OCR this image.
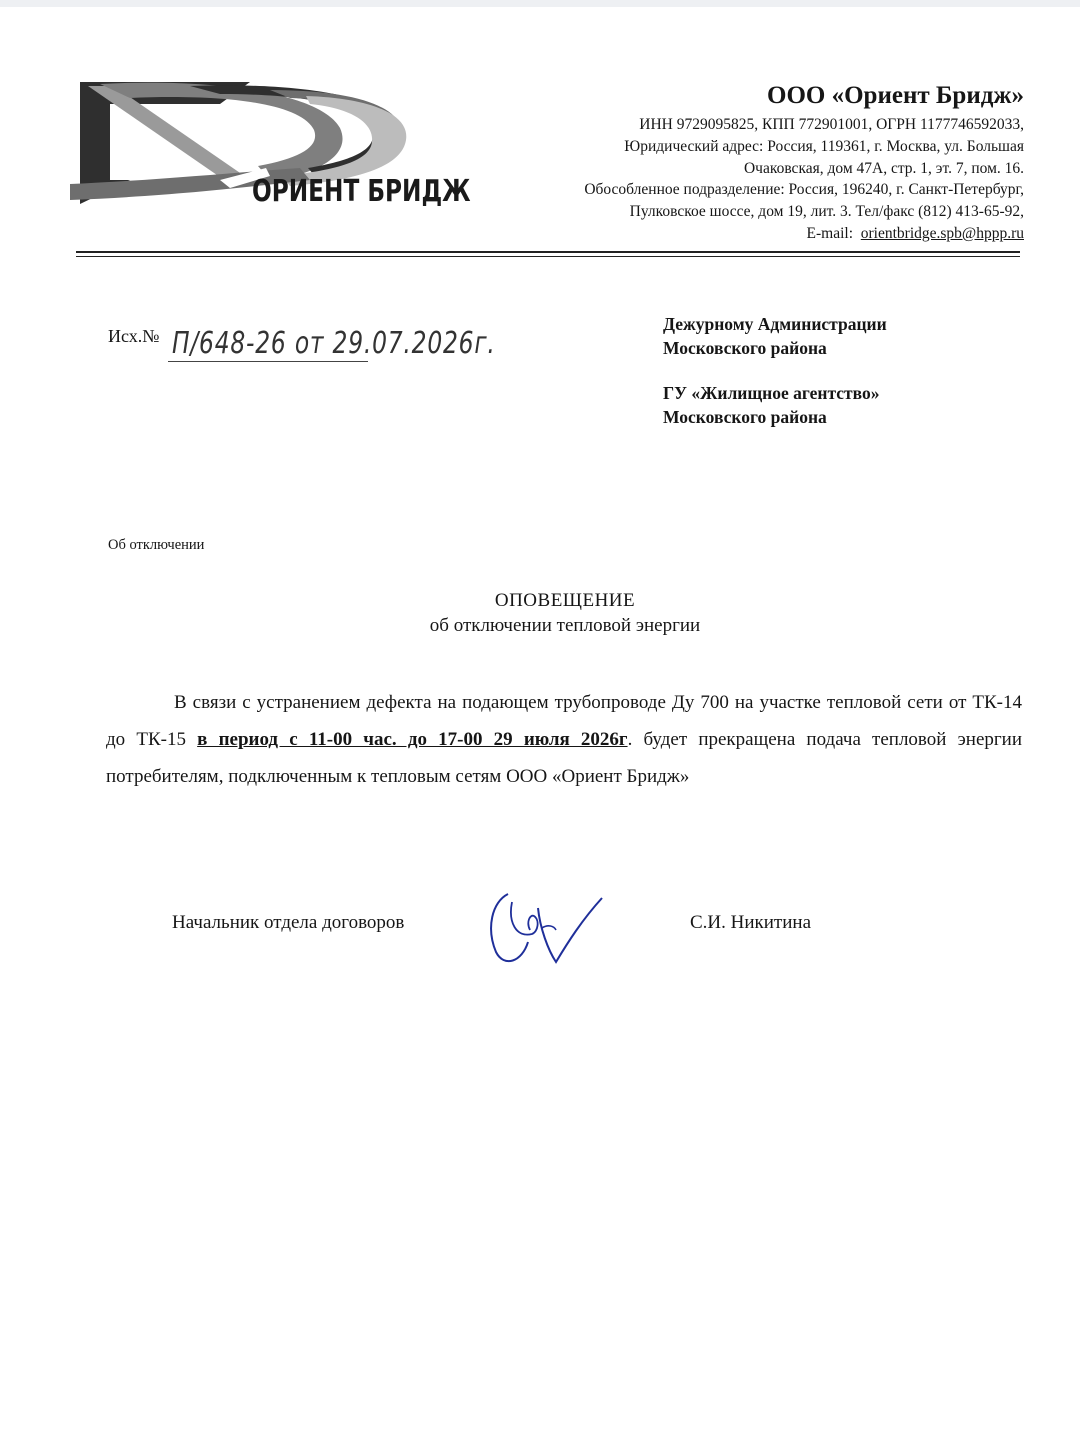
ОРИЕНТ БРИДЖ
ООО «Ориент Бридж»
ИНН 9729095825, КПП 772901001, ОГРН 1177746592033,
Юридический адрес: Россия, 119361, г. Москва, ул. Большая
Очаковская, дом 47А, стр. 1, эт. 7, пом. 16.
Обособленное подразделение: Россия, 196240, г. Санкт-Петербург,
Пулковское шоссе, дом 19, лит. 3. Тел/факс (812) 413-65-92,
E-mail: orientbridge.spb@hppp.ru
Исх.№ П/648-26 от 29.07.2026г.
Дежурному Администрации
Московского района
ГУ «Жилищное агентство»
Московского района
Об отключении
ОПОВЕЩЕНИЕ
об отключении тепловой энергии
В связи с устранением дефекта на подающем трубопроводе Ду 700 на участке тепловой сети от ТК-14 до ТК-15 в период с 11-00 час. до 17-00 29 июля 2026г. будет прекращена подача тепловой энергии потребителям, подключенным к тепловым сетям ООО «Ориент Бридж»
Начальник отдела договоров	С.И. Никитина
